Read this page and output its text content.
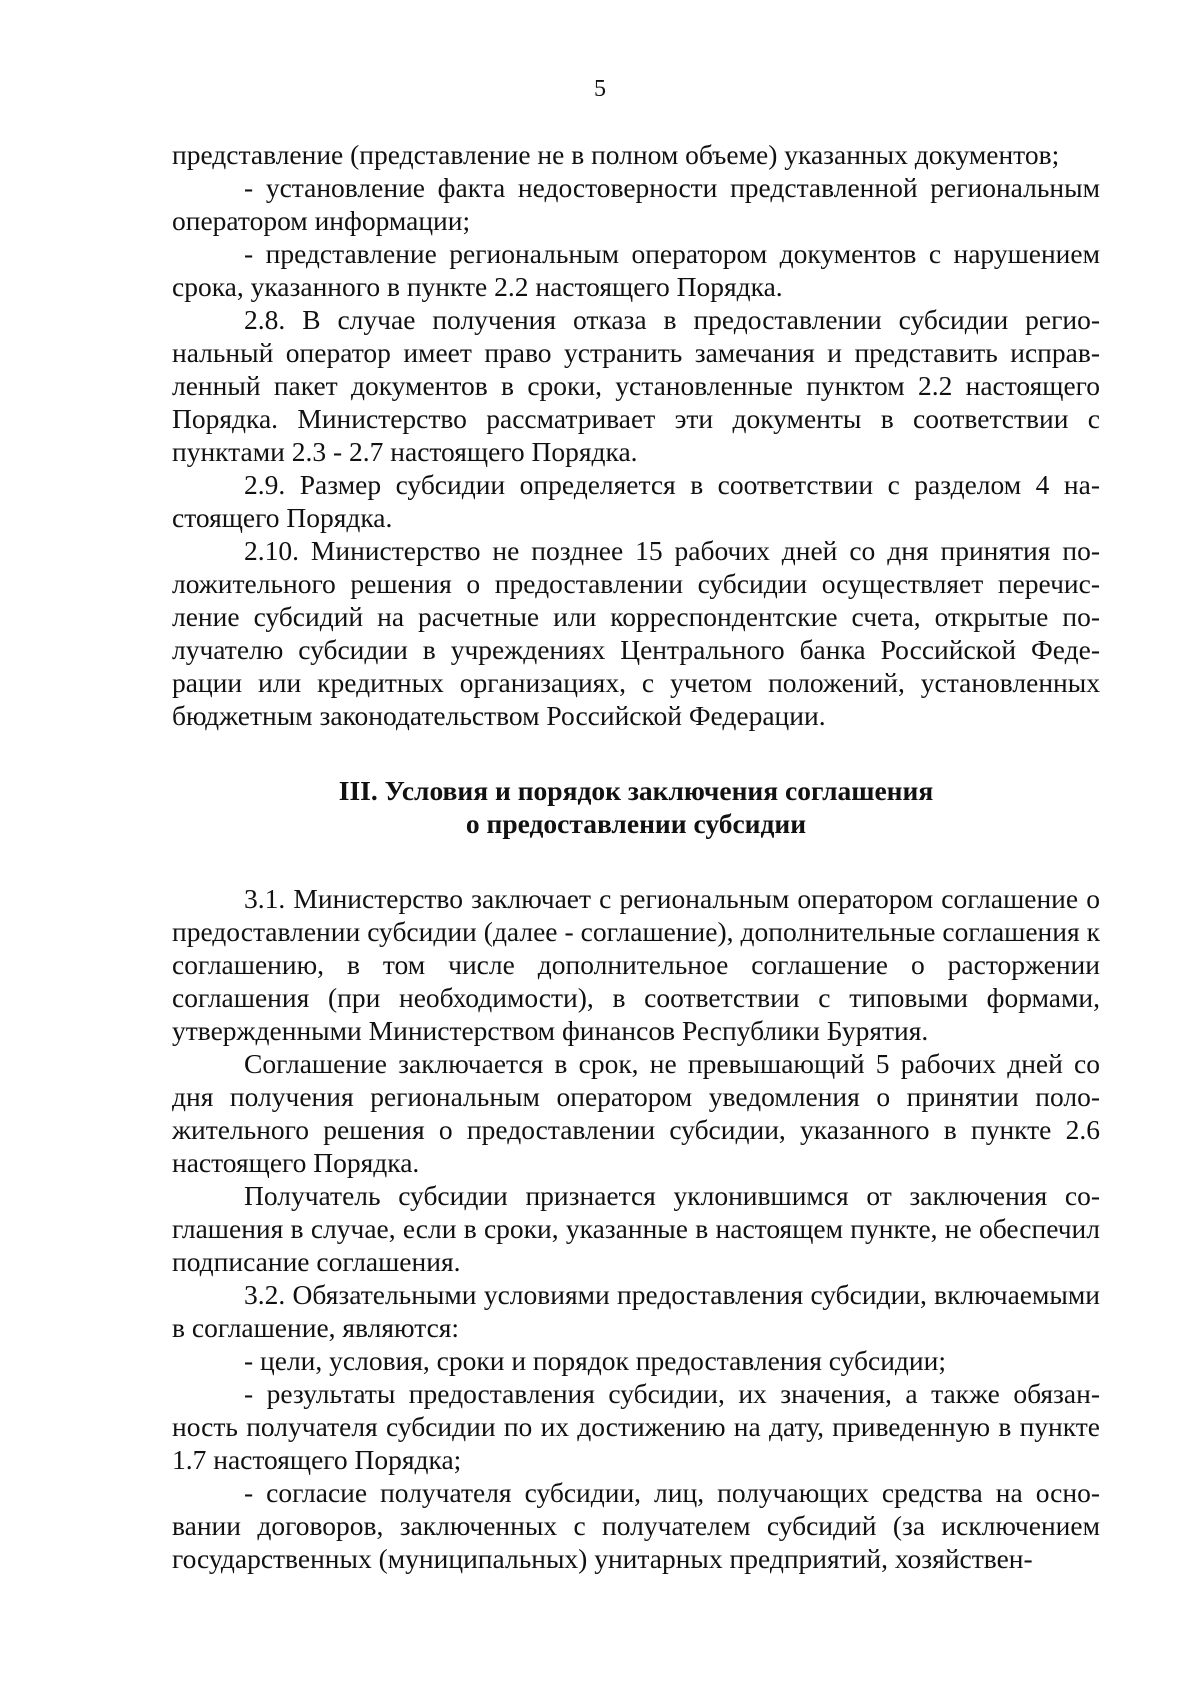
5

представление (представление не в полном объеме) указанных документов;

- установление факта недостоверности представленной региональным оператором информации;

- представление региональным оператором документов с нарушением срока, указанного в пункте 2.2 настоящего Порядка.

2.8. В случае получения отказа в предоставлении субсидии региональный оператор имеет право устранить замечания и представить исправленный пакет документов в сроки, установленные пунктом 2.2 настоящего Порядка. Министерство рассматривает эти документы в соответствии с пунктами 2.3 - 2.7 настоящего Порядка.

2.9. Размер субсидии определяется в соответствии с разделом 4 настоящего Порядка.

2.10. Министерство не позднее 15 рабочих дней со дня принятия положительного решения о предоставлении субсидии осуществляет перечисление субсидий на расчетные или корреспондентские счета, открытые получателю субсидии в учреждениях Центрального банка Российской Федерации или кредитных организациях, с учетом положений, установленных бюджетным законодательством Российской Федерации.

III. Условия и порядок заключения соглашения
о предоставлении субсидии

3.1. Министерство заключает с региональным оператором соглашение о предоставлении субсидии (далее - соглашение), дополнительные соглашения к соглашению, в том числе дополнительное соглашение о расторжении соглашения (при необходимости), в соответствии с типовыми формами, утвержденными Министерством финансов Республики Бурятия.

Соглашение заключается в срок, не превышающий 5 рабочих дней со дня получения региональным оператором уведомления о принятии положительного решения о предоставлении субсидии, указанного в пункте 2.6 настоящего Порядка.

Получатель субсидии признается уклонившимся от заключения соглашения в случае, если в сроки, указанные в настоящем пункте, не обеспечил подписание соглашения.

3.2. Обязательными условиями предоставления субсидии, включаемыми в соглашение, являются:

- цели, условия, сроки и порядок предоставления субсидии;

- результаты предоставления субсидии, их значения, а также обязанность получателя субсидии по их достижению на дату, приведенную в пункте 1.7 настоящего Порядка;

- согласие получателя субсидии, лиц, получающих средства на основании договоров, заключенных с получателем субсидий (за исключением государственных (муниципальных) унитарных предприятий, хозяйствен-
